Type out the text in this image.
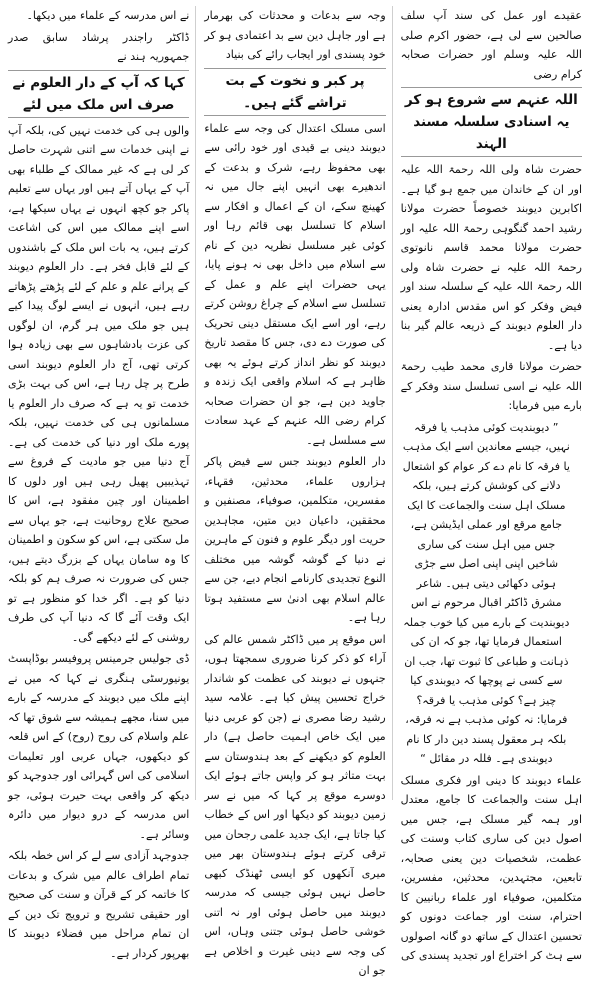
عقیدے اور عمل کی سند آپ سلف صالحین سے لی ہے، حضور اکرم صلی اللہ علیہ وسلم اور حضرات صحابہ کرام رضی

اللہ عنہم سے شروع ہو کر یہ اسنادی سلسلہ مسند الہند

حضرت شاہ ولی اللہ رحمۃ اللہ علیہ اور ان کے خاندان میں جمع ہو گیا ہے۔ اکابرین دیوبند خصوصاً حضرت مولانا رشید احمد گنگوہی رحمۃ اللہ علیہ اور حضرت مولانا محمد قاسم نانوتوی رحمۃ اللہ علیہ نے حضرت شاہ ولی اللہ رحمۃ اللہ علیہ کے سلسلہ سند اور فیض وفکر کو اس مقدس ادارہ یعنی دار العلوم دیوبند کے ذریعہ عالم گیر بنا دیا ہے۔

حضرت مولانا قاری محمد طیب رحمۃ اللہ علیہ نے اسی تسلسل سند وفکر کے بارے میں فرمایا:

” دیوبندیت کوئی مذہب یا فرقہ نہیں، جیسے معاندین اسے ایک مذہب یا فرقہ کا نام دے کر عوام کو اشتعال دلانے کی کوشش کرتے ہیں، بلکہ مسلک اہل سنت والجماعت کا ایک جامع مرقع اور عملی ایڈیشن ہے، جس میں اہل سنت کی ساری شاخیں اپنی اپنی اصل سے جڑی ہوئی دکھائی دیتی ہیں۔ شاعر مشرق ڈاکٹر اقبال مرحوم نے اس دیوبندیت کے بارے میں کیا خوب جملہ استعمال فرمایا تھا، جو کہ ان کی ذہانت و طباعی کا ثبوت تھا، جب ان سے کسی نے پوچھا کہ دیوبندی کیا چیز ہے؟ کوئی مذہب یا فرقہ؟ فرمایا: نہ کوئی مذہب ہے نہ فرقہ، بلکہ ہر معقول پسند دین دار کا نام دیوبندی ہے۔ فللہ در مقائل “

علماء دیوبند کا دینی اور فکری مسلک اہل سنت والجماعت کا جامع، معتدل اور ہمہ گیر مسلک ہے، جس میں اصول دین کی ساری کتاب وسنت کی عظمت، شخصیات دین یعنی صحابہ، تابعین، مجتہدین، محدثین، مفسرین، متکلمین، صوفیاء اور علماء ربانیین کا احترام، سنت اور جماعت دونوں کو تحسین اعتدال کے ساتھ دو گانہ اصولوں سے ہٹ کر اختراع اور تجدید پسندی کی

وجہ سے بدعات و محدثات کی بھرمار ہے اور جاہل دین سے بد اعتمادی ہو کر خود پسندی اور ایجاب رائے کی بنیاد

پر کبر و نخوت کے بت تراشے گئے ہیں۔

اسی مسلک اعتدال کی وجہ سے علماء دیوبند دینی بے قیدی اور خود رائی سے بھی محفوظ رہے، شرک و بدعت کے اندھیرے بھی انہیں اپنے جال میں نہ کھینچ سکے، ان کے اعمال و افکار سے اسلام کا تسلسل بھی قائم رہا اور کوئی غیر مسلسل نظریہ دین کے نام سے اسلام میں داخل بھی نہ ہونے پایا، یہی حضرات اپنے علم و عمل کے تسلسل سے اسلام کے چراغ روشن کرتے رہے، اور اسے ایک مستقل دینی تحریک کی صورت دے دی، جس کا مقصد تاریخ دیوبند کو نظر انداز کرتے ہوئے یہ بھی ظاہر ہے کہ اسلام واقعی ایک زندہ و جاوید دین ہے، جو ان حضرات صحابہ کرام رضی اللہ عنہم کے عہد سعادت سے مسلسل ہے۔

دار العلوم دیوبند جس سے فیض پاکر ہزاروں علماء، محدثین، فقہاء، مفسرین، متکلمین، صوفیاء، مصنفین و محققین، داعیان دین متین، مجاہدین حریت اور دیگر علوم و فنون کے ماہرین نے دنیا کے گوشہ گوشہ میں مختلف النوع تجدیدی کارنامے انجام دیے، جن سے عالم اسلام بھی ادنیٰ سے مستفید ہوتا رہا ہے۔

اس موقع پر میں ڈاکٹر شمس عالم کی آراء کو ذکر کرنا ضروری سمجھتا ہوں، جنہوں نے دیوبند کی عظمت کو شاندار خراج تحسین پیش کیا ہے۔ علامہ سید رشید رضا مصری نے (جن کو عربی دنیا میں ایک خاص اہمیت حاصل ہے) دار العلوم کو دیکھنے کے بعد ہندوستان سے بہت متاثر ہو کر واپس جاتے ہوئے ایک دوسرے موقع پر کہا کہ میں نے سر زمین دیوبند کو دیکھا اور اس کے خطاب کیا جاتا ہے، ایک جدید علمی رجحان میں ترقی کرتے ہوئے ہندوستان بھر میں میری آنکھوں کو ایسی ٹھنڈک کبھی حاصل نہیں ہوئی جیسی کہ مدرسہ دیوبند میں حاصل ہوئی اور نہ اتنی خوشی حاصل ہوئی جتنی وہاں، اس کی وجہ سے دینی غیرت و اخلاص ہے جو ان

نے اس مدرسہ کے علماء میں دیکھا۔

ڈاکٹر راجندر پرشاد سابق صدر جمہوریہ ہند نے

کہا کہ آپ کے دار العلوم نے صرف اس ملک میں لئے

والوں ہی کی خدمت نہیں کی، بلکہ آپ نے اپنی خدمات سے اتنی شہرت حاصل کر لی ہے کہ غیر ممالک کے طلباء بھی آپ کے یہاں آتے ہیں اور یہاں سے تعلیم پاکر جو کچھ انہوں نے یہاں سیکھا ہے، اسے اپنے ممالک میں اس کی اشاعت کرتے ہیں، یہ بات اس ملک کے باشندوں کے لئے قابل فخر ہے۔ دار العلوم دیوبند کے پرانے علم و علم کے لئے پڑھتے پڑھاتے رہے ہیں، انہوں نے ایسے لوگ پیدا کیے ہیں جو ملک میں ہر گرم، ان لوگوں کی عزت بادشاہوں سے بھی زیادہ ہوا کرتی تھی، آج دار العلوم دیوبند اسی طرح پر چل رہا ہے، اس کی بہت بڑی خدمت تو یہ ہے کہ صرف دار العلوم یا مسلمانوں ہی کی خدمت نہیں، بلکہ پورے ملک اور دنیا کی خدمت کی ہے۔ آج دنیا میں جو مادیت کے فروغ سے تہذیبیں پھیل رہی ہیں اور دلوں کا اطمینان اور چین مفقود ہے، اس کا صحیح علاج روحانیت ہے، جو یہاں سے مل سکتی ہے، اس کو سکون و اطمینان کا وہ سامان یہاں کے بزرگ دیتے ہیں، جس کی ضرورت نہ صرف ہم کو بلکہ دنیا کو ہے۔ اگر خدا کو منظور ہے تو ایک وقت آئے گا کہ دنیا آپ کی طرف روشنی کے لئے دیکھے گی۔

ڈی جولیس جرمینس پروفیسر بوڈاپسٹ یونیورسٹی ہنگری نے کہا کہ میں نے اپنے ملک میں دیوبند کے مدرسہ کے بارے میں سنا، مجھے ہمیشہ سے شوق تھا کہ علم واسلام کی روح (روح) کے اس قلعہ کو دیکھوں، جہاں عربی اور تعلیمات اسلامی کی اس گہرائی اور جدوجہد کو دیکھ کر واقعی بہت حیرت ہوئی، جو اس مدرسہ کے درو دیوار میں دائرہ وسائر ہے۔

جدوجہد آزادی سے لے کر اس خطہ بلکہ تمام اطراف عالم میں شرک و بدعات کا خاتمہ کر کے قرآن و سنت کی صحیح اور حقیقی تشریح و ترویج تک دین کے ان تمام مراحل میں فضلاء دیوبند کا بھرپور کردار ہے۔
